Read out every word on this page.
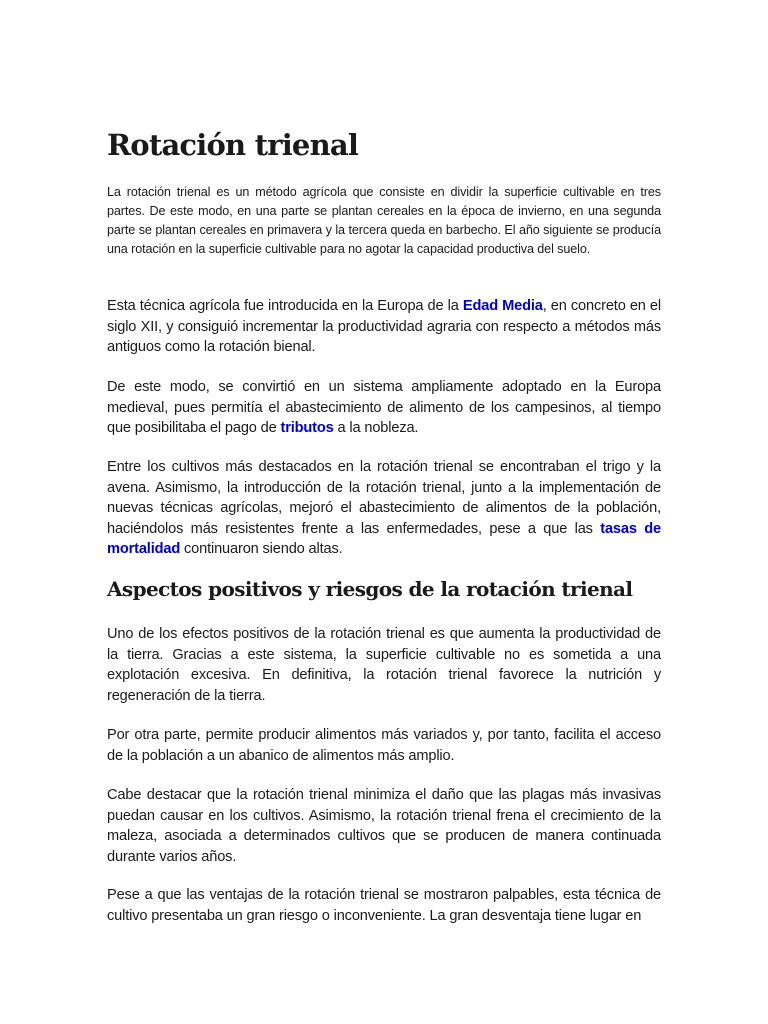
Rotación trienal

La rotación trienal es un método agrícola que consiste en dividir la superficie cultivable en tres partes. De este modo, en una parte se plantan cereales en la época de invierno, en una segunda parte se plantan cereales en primavera y la tercera queda en barbecho. El año siguiente se producía una rotación en la superficie cultivable para no agotar la capacidad productiva del suelo.

Esta técnica agrícola fue introducida en la Europa de la Edad Media, en concreto en el siglo XII, y consiguió incrementar la productividad agraria con respecto a métodos más antiguos como la rotación bienal.

De este modo, se convirtió en un sistema ampliamente adoptado en la Europa medieval, pues permitía el abastecimiento de alimento de los campesinos, al tiempo que posibilitaba el pago de tributos a la nobleza.

Entre los cultivos más destacados en la rotación trienal se encontraban el trigo y la avena. Asimismo, la introducción de la rotación trienal, junto a la implementación de nuevas técnicas agrícolas, mejoró el abastecimiento de alimentos de la población, haciéndolos más resistentes frente a las enfermedades, pese a que las tasas de mortalidad continuaron siendo altas.

Aspectos positivos y riesgos de la rotación trienal

Uno de los efectos positivos de la rotación trienal es que aumenta la productividad de la tierra. Gracias a este sistema, la superficie cultivable no es sometida a una explotación excesiva. En definitiva, la rotación trienal favorece la nutrición y regeneración de la tierra.

Por otra parte, permite producir alimentos más variados y, por tanto, facilita el acceso de la población a un abanico de alimentos más amplio.

Cabe destacar que la rotación trienal minimiza el daño que las plagas más invasivas puedan causar en los cultivos. Asimismo, la rotación trienal frena el crecimiento de la maleza, asociada a determinados cultivos que se producen de manera continuada durante varios años.

Pese a que las ventajas de la rotación trienal se mostraron palpables, esta técnica de cultivo presentaba un gran riesgo o inconveniente. La gran desventaja tiene lugar en
